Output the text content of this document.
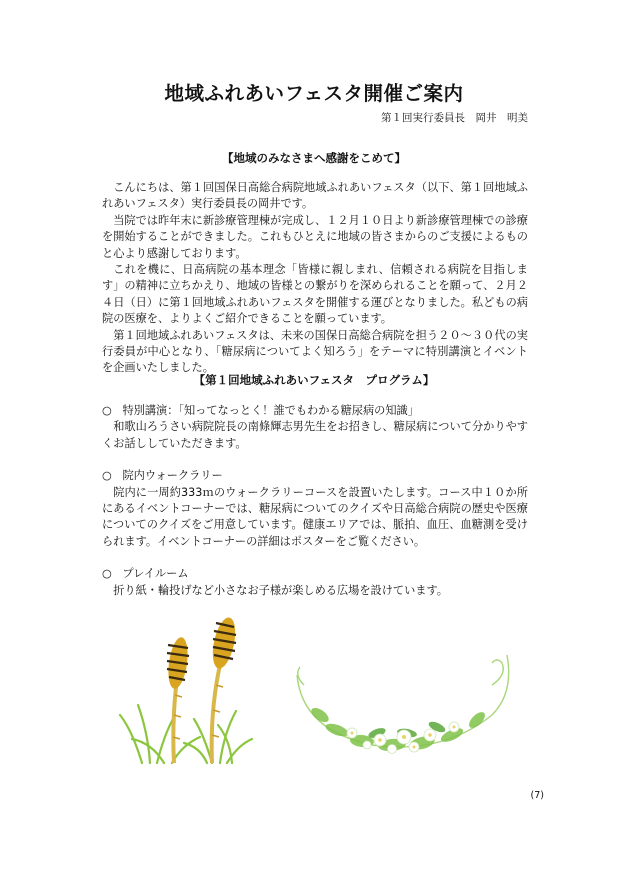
地域ふれあいフェスタ開催ご案内
第１回実行委員長　岡井　明美
【地域のみなさまへ感謝をこめて】

こんにちは、第１回国保日高総合病院地域ふれあいフェスタ（以下、第１回地域ふれあいフェスタ）実行委員長の岡井です。

当院では昨年末に新診療管理棟が完成し、１２月１０日より新診療管理棟での診療を開始することができました。これもひとえに地域の皆さまからのご支援によるものと心より感謝しております。

これを機に、日高病院の基本理念「皆様に親しまれ、信頼される病院を目指します」の精神に立ちかえり、地域の皆様との繋がりを深められることを願って、２月２４日（日）に第１回地域ふれあいフェスタを開催する運びとなりました。私どもの病院の医療を、よりよくご紹介できることを願っています。

第１回地域ふれあいフェスタは、未来の国保日高総合病院を担う２０～３０代の実行委員が中心となり、「糖尿病についてよく知ろう」をテーマに特別講演とイベントを企画いたしました。

【第１回地域ふれあいフェスタ　プログラム】
○ 特別講演：「知ってなっとく！誰でもわかる糖尿病の知識」
和歌山ろうさい病院院長の南條輝志男先生をお招きし、糖尿病について分かりやすくお話ししていただきます。
○ 院内ウォークラリー
院内に一周約333ｍのウォークラリーコースを設置いたします。コース中１０か所にあるイベントコーナーでは、糖尿病についてのクイズや日高総合病院の歴史や医療についてのクイズをご用意しています。健康エリアでは、脈拍、血圧、血糖測を受けられます。イベントコーナーの詳細はポスターをご覧ください。
○ プレイルーム
折り紙・輪投げなど小さなお子様が楽しめる広場を設けています。
(7)
